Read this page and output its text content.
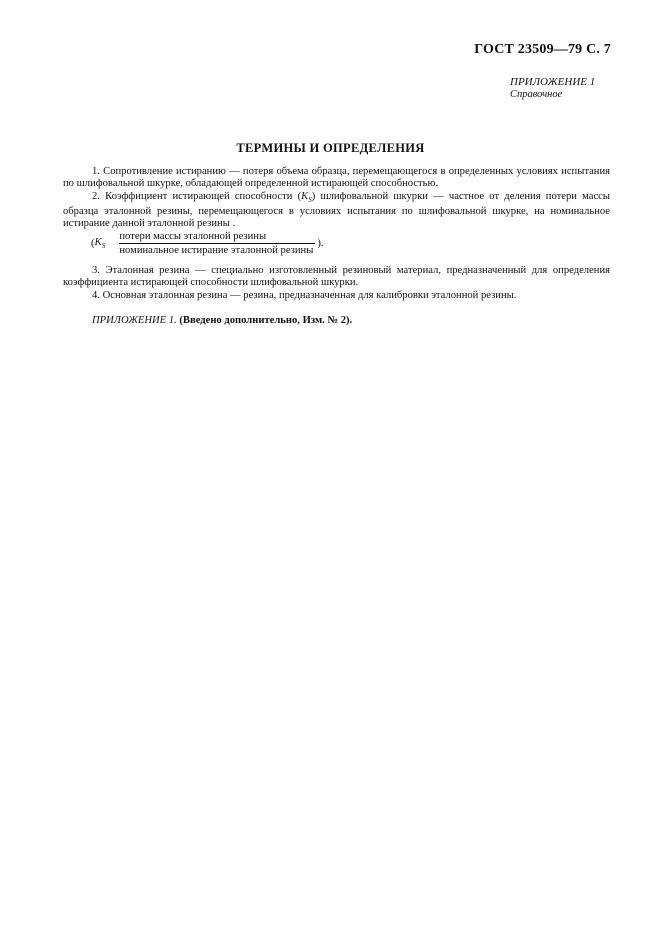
ГОСТ 23509—79 С. 7
ПРИЛОЖЕНИЕ 1
Справочное
ТЕРМИНЫ И ОПРЕДЕЛЕНИЯ

1. Сопротивление истиранию — потеря объема образца, перемещающегося в определенных условиях испытания по шлифовальной шкурке, обладающей определенной истирающей способностью.

2. Коэффициент истирающей способности $(K_S)$ шлифовальной шкурки — частное от деления потери массы образца эталонной резины, перемещающегося в условиях испытания по шлифовальной шкурке, на номинальное истирание данной эталонной резины .

( $K_S \frac{\text{потери массы эталонной резины}}{\text{номинальное истирание эталонной резины}}$ ).

3. Эталонная резина — специально изготовленный резиновый материал, предназначенный для определения коэффициента истирающей способности шлифовальной шкурки.

4. Основная эталонная резина — резина, предназначенная для калибровки эталонной резины.

ПРИЛОЖЕНИЕ 1. (Введено дополнительно, Изм. № 2).
